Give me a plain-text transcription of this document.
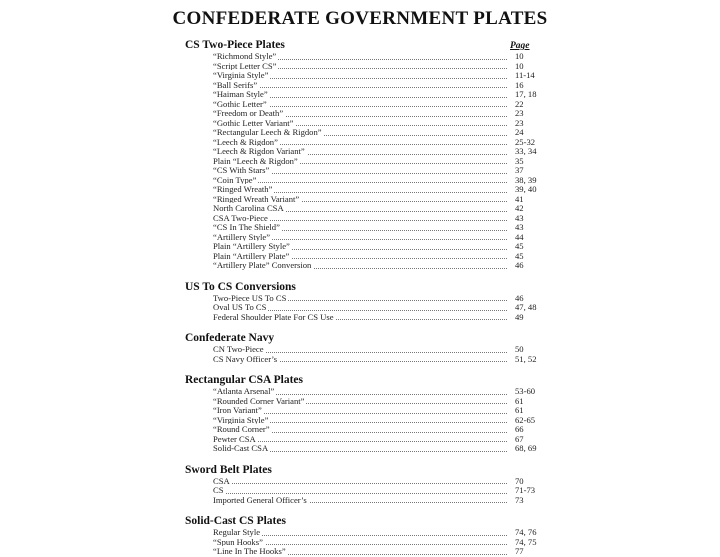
CONFEDERATE GOVERNMENT PLATES
CS Two-Piece Plates	Page
“Richmond Style”	10
“Script Letter CS”	10
“Virginia Style”	11-14
“Ball Serifs”	16
“Haiman Style”	17, 18
“Gothic Letter”	22
“Freedom or Death”	23
“Gothic Letter Variant”	23
“Rectangular Leech & Rigdon”	24
“Leech & Rigdon”	25-32
“Leech & Rigdon Variant”	33, 34
Plain “Leech & Rigdon”	35
“CS With Stars”	37
“Coin Type”	38, 39
“Ringed Wreath”	39, 40
“Ringed Wreath Variant”	41
North Carolina CSA	42
CSA Two-Piece	43
“CS In The Shield”	43
“Artillery Style”	44
Plain “Artillery Style”	45
Plain “Artillery Plate”	45
“Artillery Plate” Conversion	46
US To CS Conversions
Two-Piece US To CS	46
Oval US To CS	47, 48
Federal Shoulder Plate For CS Use	49
Confederate Navy
CN Two-Piece	50
CS Navy Officer’s	51, 52
Rectangular CSA Plates
“Atlanta Arsenal”	53-60
“Rounded Corner Variant”	61
“Iron Variant”	61
“Virginia Style”	62-65
“Round Corner”	66
Pewter CSA	67
Solid-Cast CSA	68, 69
Sword Belt Plates
CSA	70
CS	71-73
Imported General Officer’s	73
Solid-Cast CS Plates
Regular Style	74, 76
“Spun Hooks”	74, 75
“Line In The Hooks”	77
